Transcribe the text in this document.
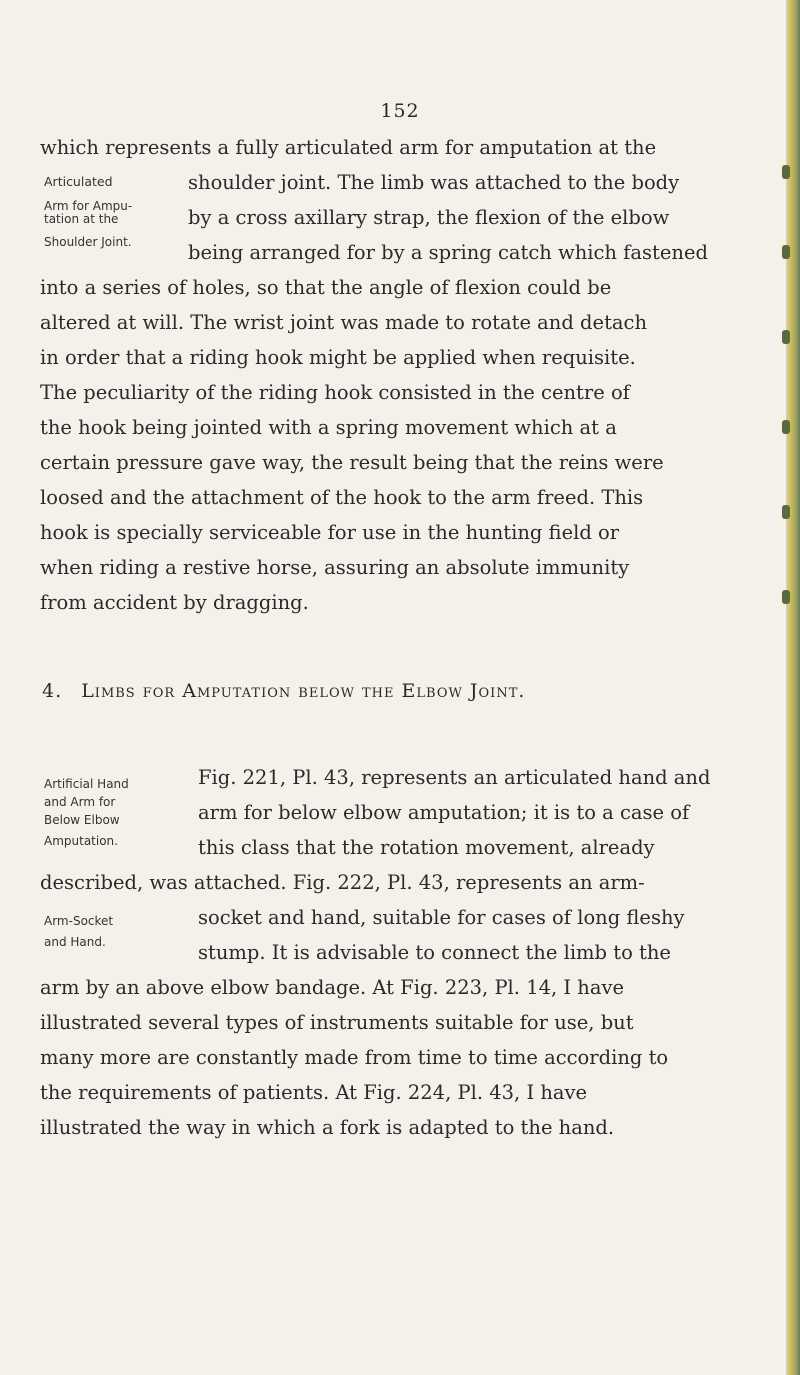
152
which represents a fully articulated arm for amputation at the
shoulder joint. The limb was attached to the body
by a cross axillary strap, the flexion of the elbow
being arranged for by a spring catch which fastened
into a series of holes, so that the angle of flexion could be
altered at will. The wrist joint was made to rotate and detach
in order that a riding hook might be applied when requisite.
The peculiarity of the riding hook consisted in the centre of
the hook being jointed with a spring movement which at a
certain pressure gave way, the result being that the reins were
loosed and the attachment of the hook to the arm freed. This
hook is specially serviceable for use in the hunting field or
when riding a restive horse, assuring an absolute immunity
from accident by dragging.
Articulated
Arm for Ampu-
tation at the
Shoulder Joint.
4. Limbs for Amputation below the Elbow Joint.
Fig. 221, Pl. 43, represents an articulated hand and
arm for below elbow amputation; it is to a case of
this class that the rotation movement, already
described, was attached. Fig. 222, Pl. 43, represents an arm-
socket and hand, suitable for cases of long fleshy
stump. It is advisable to connect the limb to the
arm by an above elbow bandage. At Fig. 223, Pl. 14, I have
illustrated several types of instruments suitable for use, but
many more are constantly made from time to time according to
the requirements of patients. At Fig. 224, Pl. 43, I have
illustrated the way in which a fork is adapted to the hand.
Artificial Hand
and Arm for
Below Elbow
Amputation.
Arm-Socket
and Hand.
